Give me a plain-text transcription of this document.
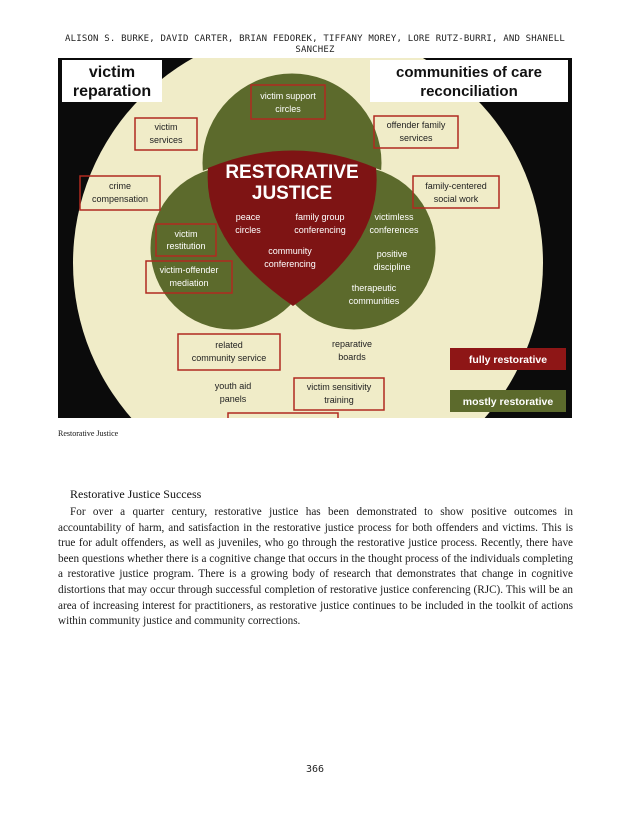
ALISON S. BURKE, DAVID CARTER, BRIAN FEDOREK, TIFFANY MOREY, LORE RUTZ-BURRI, AND SHANELL
SANCHEZ
victim
reparation
communities of care
reconciliation
RESTORATIVE
JUSTICE
victim support
circles
victim
services
offender family
services
crime
compensation
family-centered
social work
victim
restitution
victim-offender
mediation
related
community service
victim sensitivity
training
peace
circles
family group
conferencing
community
conferencing
victimless
conferences
positive
discipline
therapeutic
communities
reparative
boards
youth aid
panels
fully restorative
mostly restorative
Restorative Justice
Restorative Justice Success

For over a quarter century, restorative justice has been demonstrated to show positive outcomes in accountability of harm, and satisfaction in the restorative justice process for both offenders and victims. This is true for adult offenders, as well as juveniles, who go through the restorative justice process. Recently, there have been questions whether there is a cognitive change that occurs in the thought process of the individuals completing a restorative justice program. There is a growing body of research that demonstrates that change in cognitive distortions that may occur through successful completion of restorative justice conferencing (RJC). This will be an area of increasing interest for practitioners, as restorative justice continues to be included in the toolkit of actions within community justice and community corrections.

366
